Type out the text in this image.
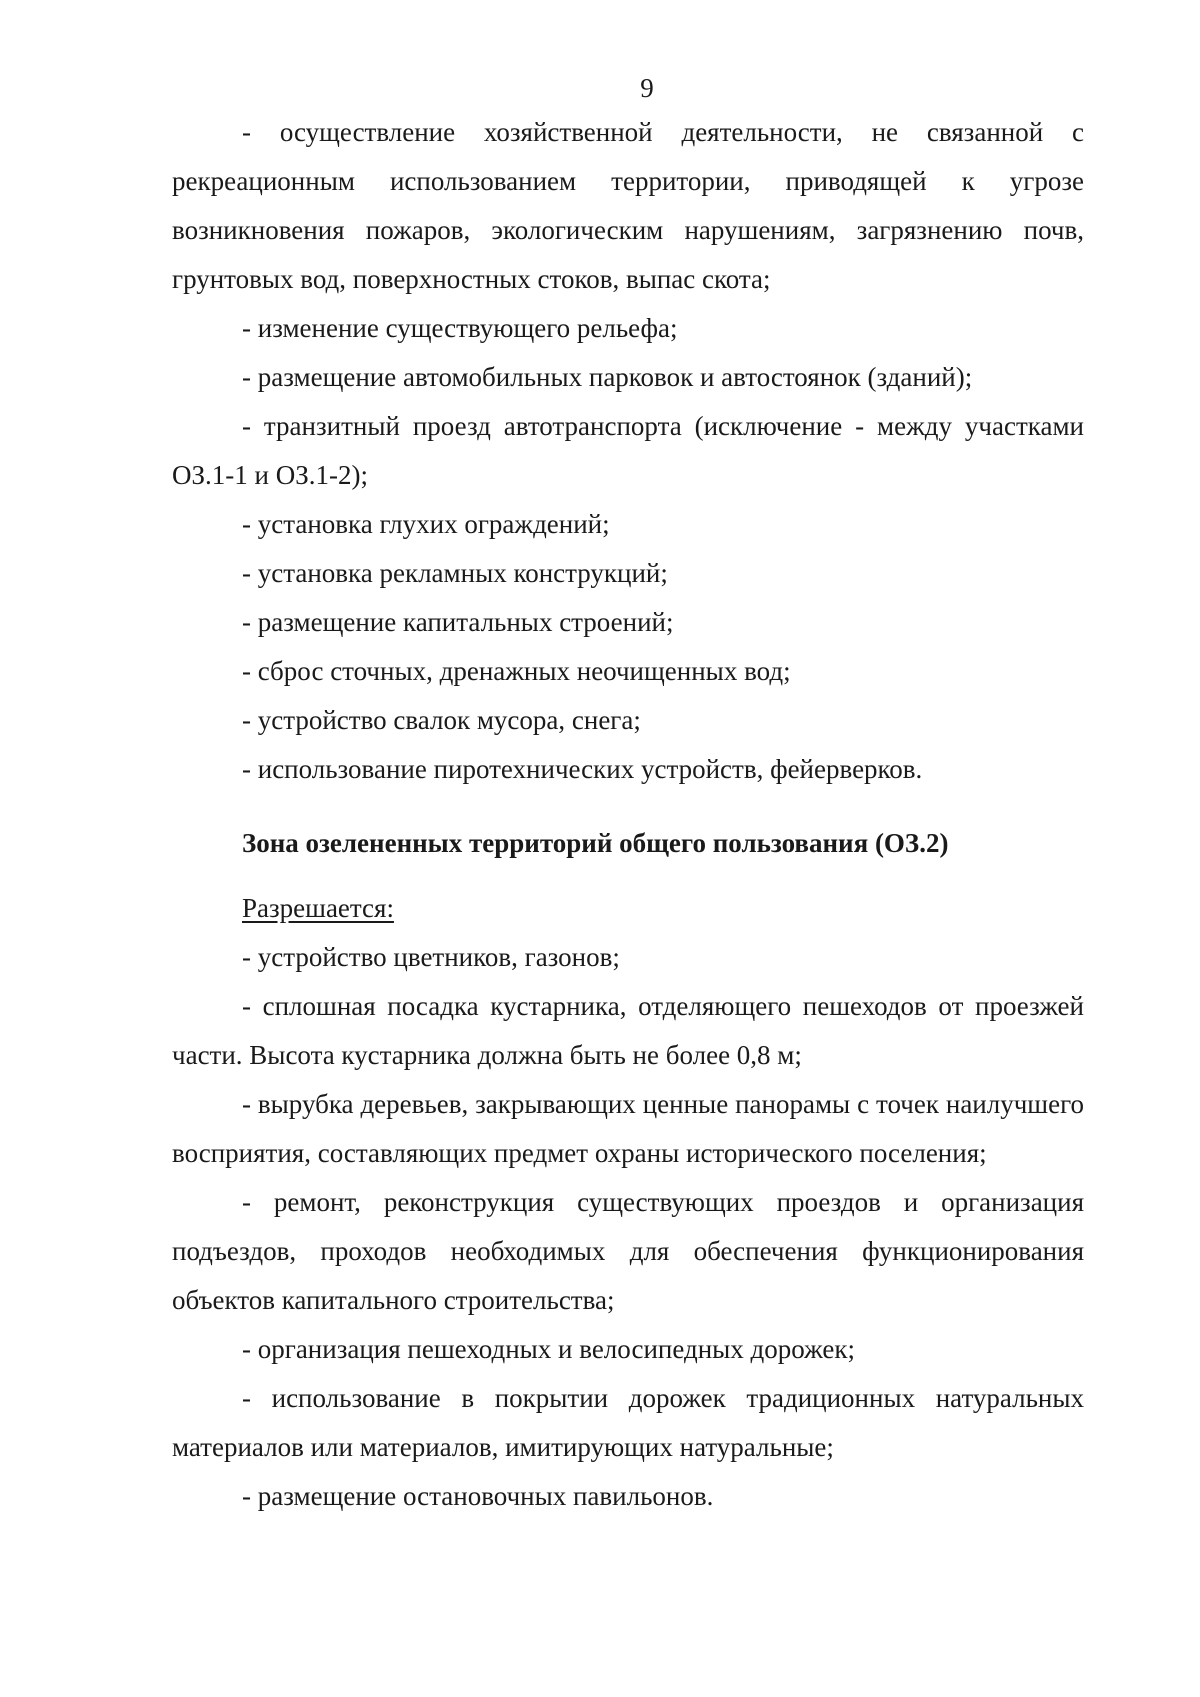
9

- осуществление хозяйственной деятельности, не связанной с рекреационным использованием территории, приводящей к угрозе возникновения пожаров, экологическим нарушениям, загрязнению почв, грунтовых вод, поверхностных стоков, выпас скота;

- изменение существующего рельефа;

- размещение автомобильных парковок и автостоянок (зданий);

- транзитный проезд автотранспорта (исключение - между участками ОЗ.1-1 и ОЗ.1-2);

- установка глухих ограждений;

- установка рекламных конструкций;

- размещение капитальных строений;

- сброс сточных, дренажных неочищенных вод;

- устройство свалок мусора, снега;

- использование пиротехнических устройств, фейерверков.

Зона озелененных территорий общего пользования (ОЗ.2)

Разрешается:

- устройство цветников, газонов;

- сплошная посадка кустарника, отделяющего пешеходов от проезжей части. Высота кустарника должна быть не более 0,8 м;

- вырубка деревьев, закрывающих ценные панорамы с точек наилучшего восприятия, составляющих предмет охраны исторического поселения;

- ремонт, реконструкция существующих проездов и организация подъездов, проходов необходимых для обеспечения функционирования объектов капитального строительства;

- организация пешеходных и велосипедных дорожек;

- использование в покрытии дорожек традиционных натуральных материалов или материалов, имитирующих натуральные;

- размещение остановочных павильонов.
